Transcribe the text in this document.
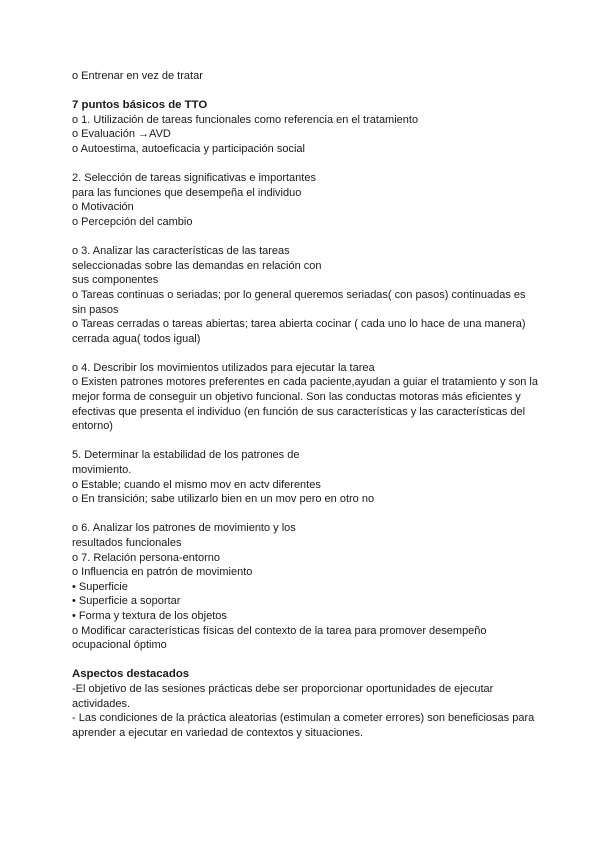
o Entrenar en vez de tratar
7 puntos básicos de TTO
o 1. Utilización de tareas funcionales como referencia en el tratamiento
o Evaluación →AVD
o Autoestima, autoeficacia y participación social
2. Selección de tareas significativas e importantes
para las funciones que desempeña el individuo
o Motivación
o Percepción del cambio
o 3. Analizar las características de las tareas
seleccionadas sobre las demandas en relación con
sus componentes
o Tareas continuas o seriadas; por lo general queremos seriadas( con pasos) continuadas es sin pasos
o Tareas cerradas o tareas abiertas; tarea abierta cocinar ( cada uno lo hace de una manera) cerrada agua( todos igual)
o 4. Describir los movimientos utilizados para ejecutar la tarea
o Existen patrones motores preferentes en cada paciente,ayudan a guiar el tratamiento y son la mejor forma de conseguir un objetivo funcional. Son las conductas motoras más eficientes y efectivas que presenta el individuo (en función de sus características y las características del entorno)
5. Determinar la estabilidad de los patrones de
movimiento.
o Estable; cuando el mismo mov en actv diferentes
o En transición; sabe utilizarlo bien en un mov pero en otro no
o 6. Analizar los patrones de movimiento y los
resultados funcionales
o 7. Relación persona-entorno
o Influencia en patrón de movimiento
• Superficie
• Superficie a soportar
• Forma y textura de los objetos
o Modificar características físicas del contexto de la tarea para promover desempeño ocupacional óptimo
Aspectos destacados
-El objetivo de las sesiones prácticas debe ser proporcionar oportunidades de ejecutar actividades.
- Las condiciones de la práctica aleatorias (estimulan a cometer errores) son beneficiosas para aprender a ejecutar en variedad de contextos y situaciones.
